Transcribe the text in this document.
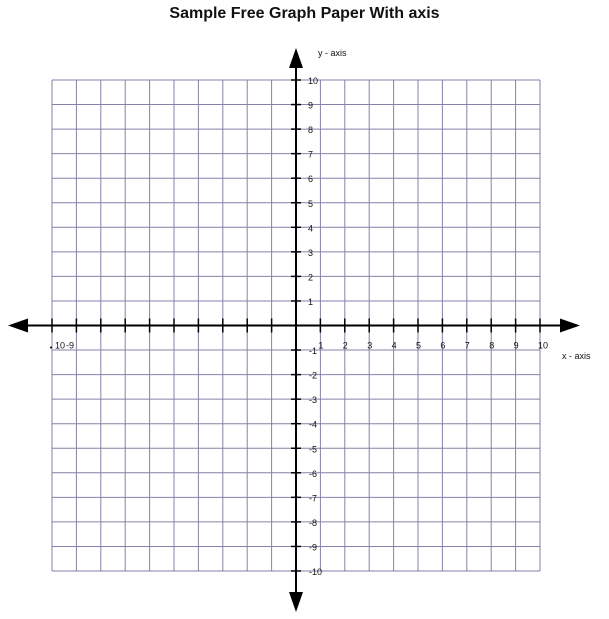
Sample Free Graph Paper With axis
10 -9	1 2 3 4 5 6 7 8 9 10
10
9
8
7
6
5
4
3
2
1
-1
-2
-3
-4
-5
-6
-7
-8
-9
-10
x - axis
y - axis
